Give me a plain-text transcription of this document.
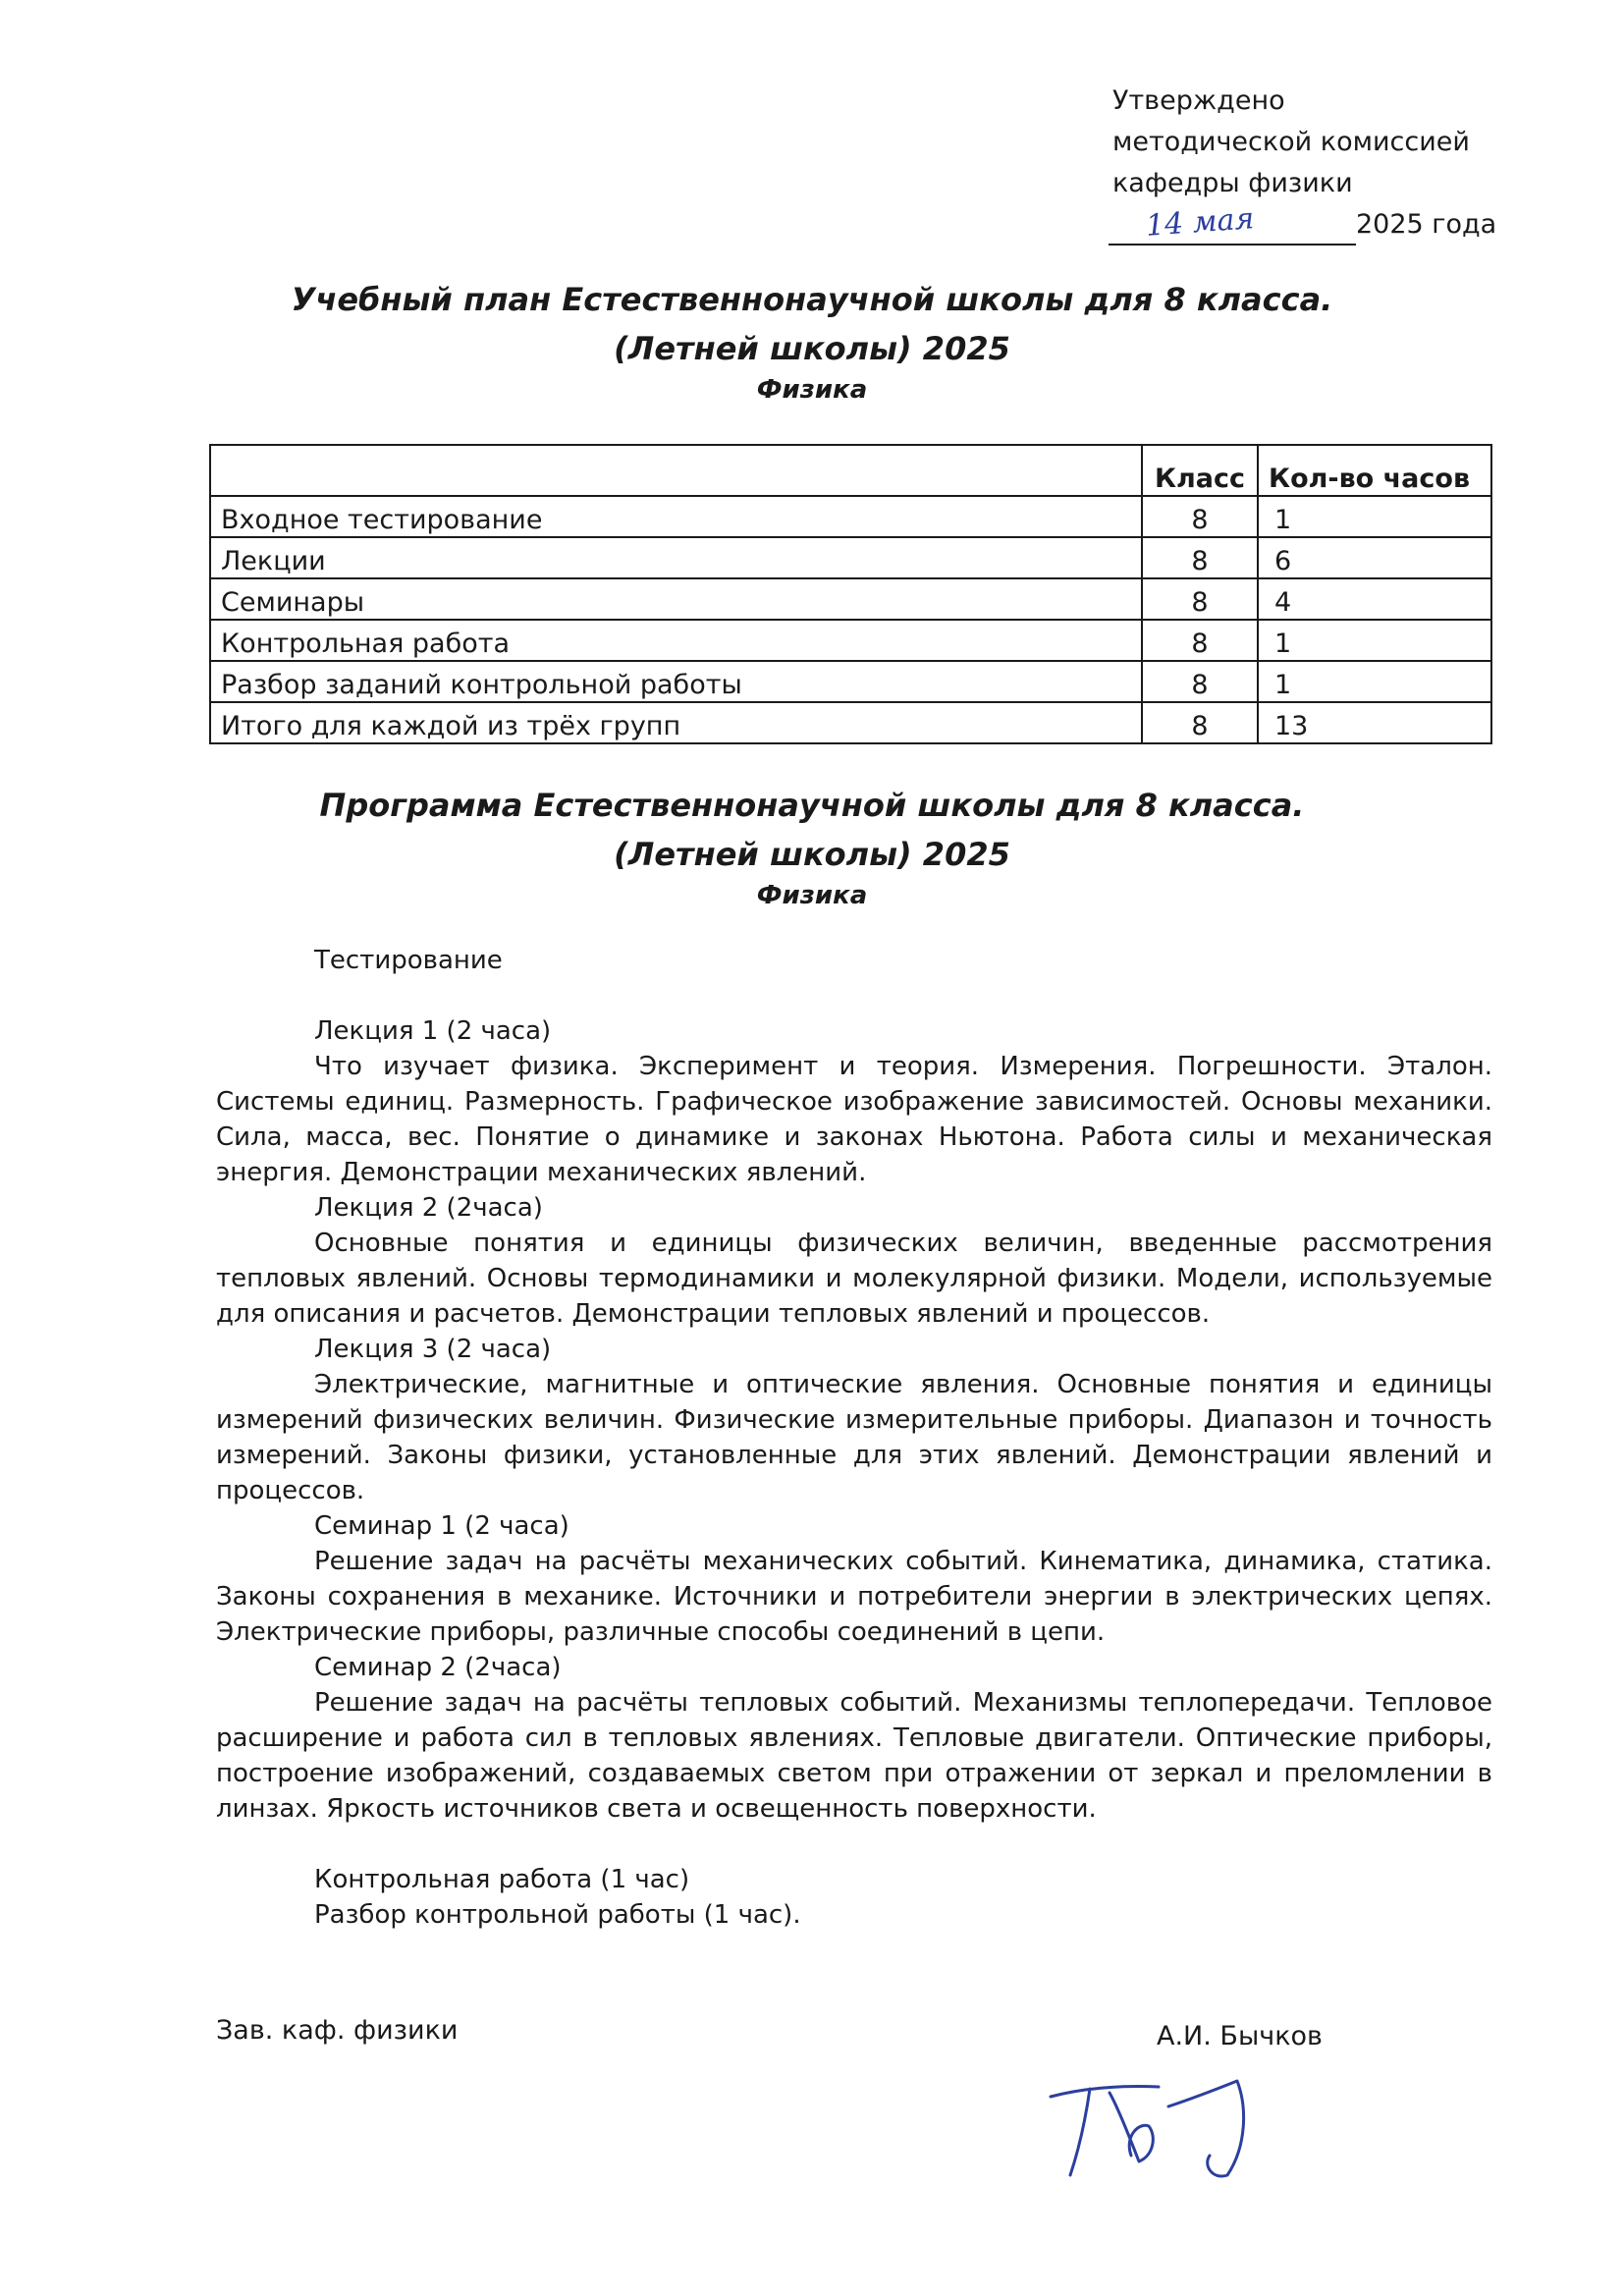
Утверждено
методической комиссией
кафедры физики
14 мая	2025 года
Учебный план Естественнонаучной школы для 8 класса.
(Летней школы) 2025
Физика
	Класс	Кол-во часов
Входное тестирование	8	1
Лекции	8	6
Семинары	8	4
Контрольная работа	8	1
Разбор заданий контрольной работы	8	1
Итого для каждой из трёх групп	8	13
Программа Естественнонаучной школы для 8 класса.
(Летней школы) 2025
Физика
Тестирование
Лекция 1 (2 часа)

Что изучает физика. Эксперимент и теория. Измерения. Погрешности. Эталон. Системы единиц. Размерность. Графическое изображение зависимостей. Основы механики. Сила, масса, вес. Понятие о динамике и законах Ньютона. Работа силы и механическая энергия. Демонстрации механических явлений.

Лекция 2 (2часа)

Основные понятия и единицы физических величин, введенные рассмотрения тепловых явлений. Основы термодинамики и молекулярной физики. Модели, используемые для описания и расчетов. Демонстрации тепловых явлений и процессов.

Лекция 3 (2 часа)

Электрические, магнитные и оптические явления. Основные понятия и единицы измерений физических величин. Физические измерительные приборы. Диапазон и точность измерений. Законы физики, установленные для этих явлений. Демонстрации явлений и процессов.

Семинар 1 (2 часа)

Решение задач на расчёты механических событий. Кинематика, динамика, статика. Законы сохранения в механике. Источники и потребители энергии в электрических цепях. Электрические приборы, различные способы соединений в цепи.

Семинар 2 (2часа)

Решение задач на расчёты тепловых событий. Механизмы теплопередачи. Тепловое расширение и работа сил в тепловых явлениях. Тепловые двигатели. Оптические приборы, построение изображений, создаваемых светом при отражении от зеркал и преломлении в линзах. Яркость источников света и освещенность поверхности.

Контрольная работа (1 час)
Разбор контрольной работы (1 час).
Зав. каф. физики	А.И. Бычков
